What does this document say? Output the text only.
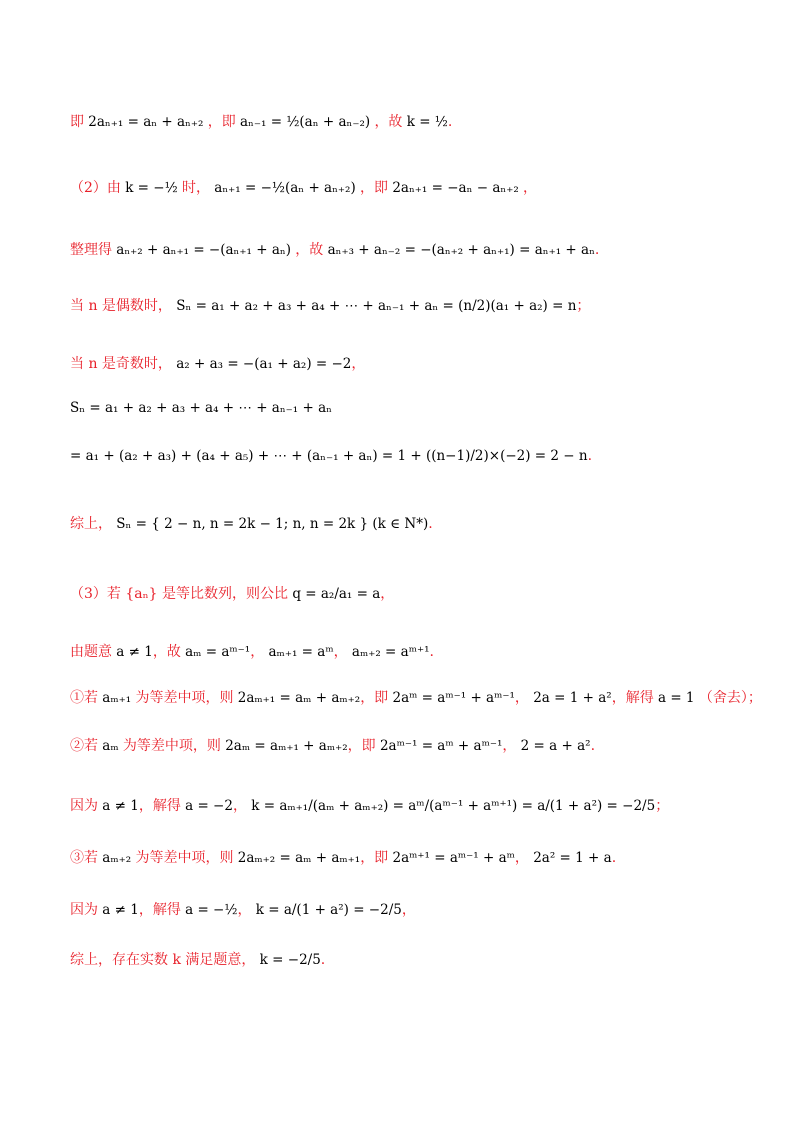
即 2aₙ₊₁ = aₙ + aₙ₊₂ ，即 aₙ₋₁ = ½(aₙ + aₙ₋₂) ，故 k = ½.
（2）由 k = −½ 时， aₙ₊₁ = −½(aₙ + aₙ₊₂) ，即 2aₙ₊₁ = −aₙ − aₙ₊₂ ，
整理得 aₙ₊₂ + aₙ₊₁ = −(aₙ₊₁ + aₙ) ，故 aₙ₊₃ + aₙ₋₂ = −(aₙ₊₂ + aₙ₊₁) = aₙ₊₁ + aₙ.
当 n 是偶数时， Sₙ = a₁ + a₂ + a₃ + a₄ + ⋯ + aₙ₋₁ + aₙ = (n/2)(a₁ + a₂) = n；
当 n 是奇数时， a₂ + a₃ = −(a₁ + a₂) = −2，
Sₙ = a₁ + a₂ + a₃ + a₄ + ⋯ + aₙ₋₁ + aₙ
= a₁ + (a₂ + a₃) + (a₄ + a₅) + ⋯ + (aₙ₋₁ + aₙ) = 1 + ((n−1)/2)×(−2) = 2 − n.
综上， Sₙ = { 2 − n, n = 2k − 1; n, n = 2k } (k ∈ N*).
（3）若 {aₙ} 是等比数列，则公比 q = a₂/a₁ = a，
由题意 a ≠ 1，故 aₘ = aᵐ⁻¹， aₘ₊₁ = aᵐ， aₘ₊₂ = aᵐ⁺¹.
①若 aₘ₊₁ 为等差中项，则 2aₘ₊₁ = aₘ + aₘ₊₂，即 2aᵐ = aᵐ⁻¹ + aᵐ⁻¹， 2a = 1 + a²，解得 a = 1 （舍去）；
②若 aₘ 为等差中项，则 2aₘ = aₘ₊₁ + aₘ₊₂，即 2aᵐ⁻¹ = aᵐ + aᵐ⁻¹， 2 = a + a².
因为 a ≠ 1，解得 a = −2， k = aₘ₊₁/(aₘ + aₘ₊₂) = aᵐ/(aᵐ⁻¹ + aᵐ⁺¹) = a/(1 + a²) = −2/5；
③若 aₘ₊₂ 为等差中项，则 2aₘ₊₂ = aₘ + aₘ₊₁，即 2aᵐ⁺¹ = aᵐ⁻¹ + aᵐ， 2a² = 1 + a.
因为 a ≠ 1，解得 a = −½， k = a/(1 + a²) = −2/5，
综上，存在实数 k 满足题意， k = −2/5.
